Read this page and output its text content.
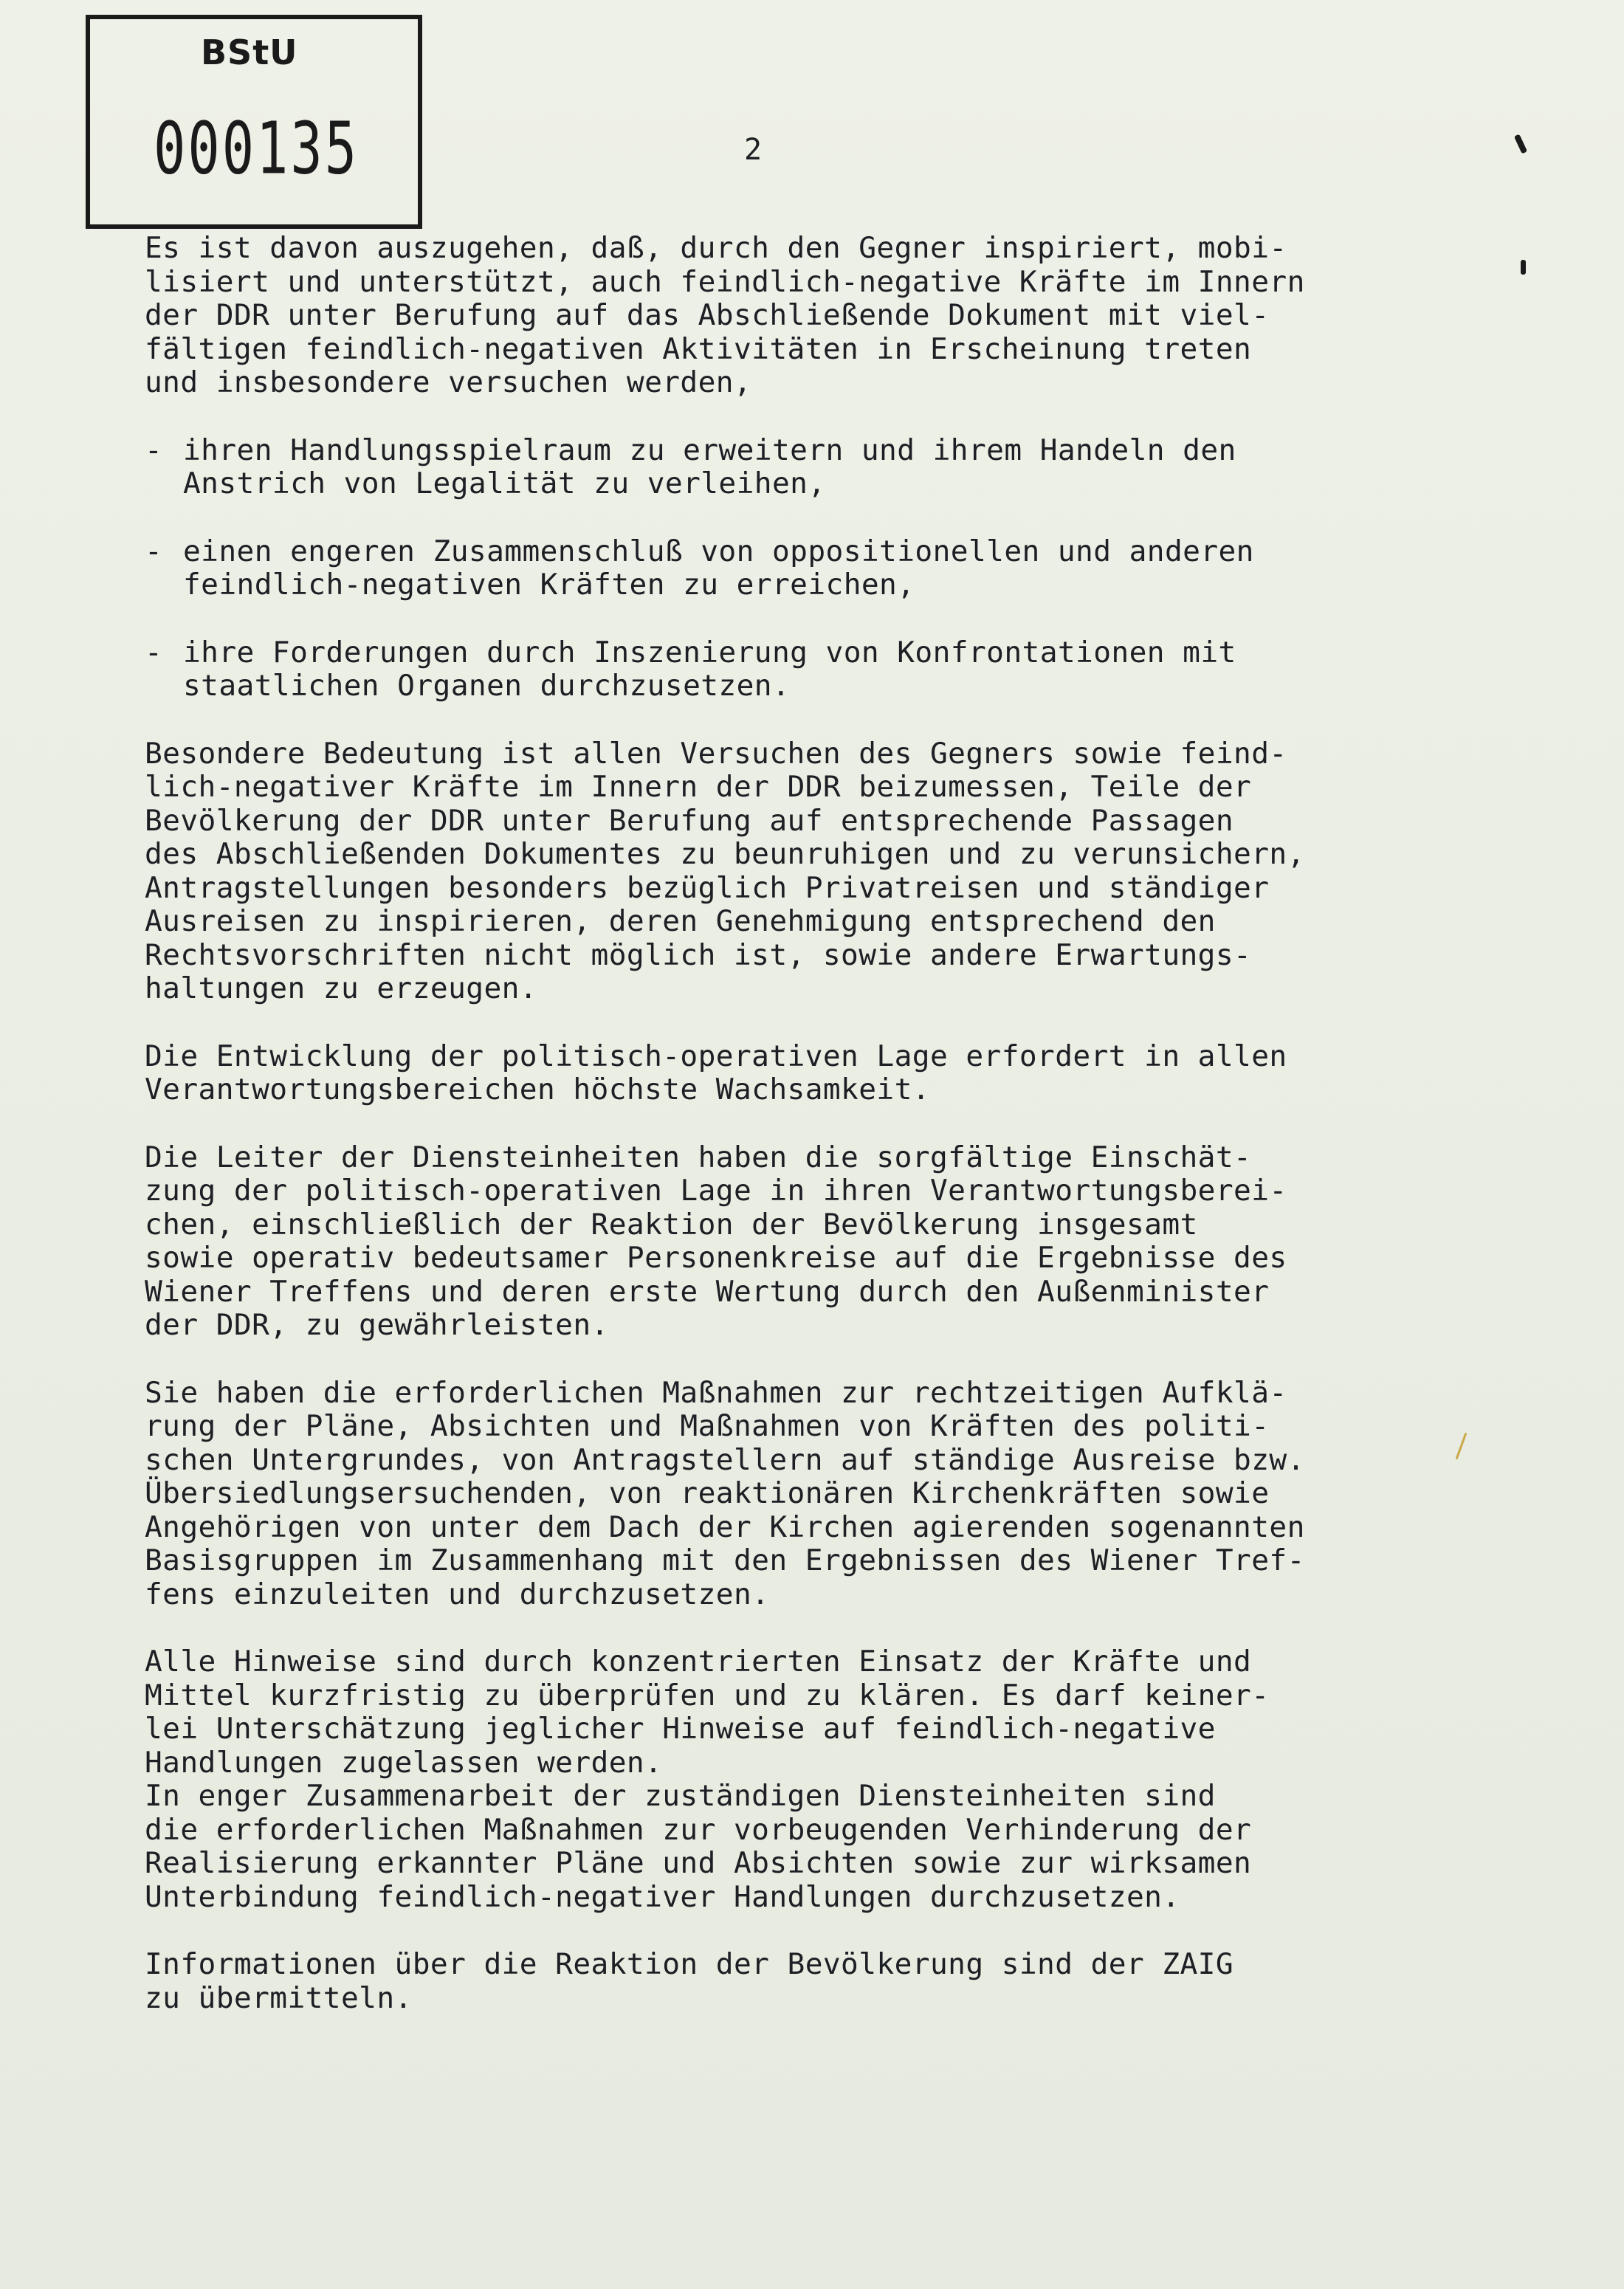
BStU
000135	2

Es ist davon auszugehen, daß, durch den Gegner inspiriert, mobi-
lisiert und unterstützt, auch feindlich-negative Kräfte im Innern
der DDR unter Berufung auf das Abschließende Dokument mit viel-
fältigen feindlich-negativen Aktivitäten in Erscheinung treten
und insbesondere versuchen werden,

- ihren Handlungsspielraum zu erweitern und ihrem Handeln den
Anstrich von Legalität zu verleihen,
- einen engeren Zusammenschluß von oppositionellen und anderen
feindlich-negativen Kräften zu erreichen,
- ihre Forderungen durch Inszenierung von Konfrontationen mit
staatlichen Organen durchzusetzen.

Besondere Bedeutung ist allen Versuchen des Gegners sowie feind-
lich-negativer Kräfte im Innern der DDR beizumessen, Teile der
Bevölkerung der DDR unter Berufung auf entsprechende Passagen
des Abschließenden Dokumentes zu beunruhigen und zu verunsichern,
Antragstellungen besonders bezüglich Privatreisen und ständiger
Ausreisen zu inspirieren, deren Genehmigung entsprechend den
Rechtsvorschriften nicht möglich ist, sowie andere Erwartungs-
haltungen zu erzeugen.

Die Entwicklung der politisch-operativen Lage erfordert in allen
Verantwortungsbereichen höchste Wachsamkeit.

Die Leiter der Diensteinheiten haben die sorgfältige Einschät-
zung der politisch-operativen Lage in ihren Verantwortungsberei-
chen, einschließlich der Reaktion der Bevölkerung insgesamt
sowie operativ bedeutsamer Personenkreise auf die Ergebnisse des
Wiener Treffens und deren erste Wertung durch den Außenminister
der DDR, zu gewährleisten.

Sie haben die erforderlichen Maßnahmen zur rechtzeitigen Aufklä-
rung der Pläne, Absichten und Maßnahmen von Kräften des politi-
schen Untergrundes, von Antragstellern auf ständige Ausreise bzw.
Übersiedlungsersuchenden, von reaktionären Kirchenkräften sowie
Angehörigen von unter dem Dach der Kirchen agierenden sogenannten
Basisgruppen im Zusammenhang mit den Ergebnissen des Wiener Tref-
fens einzuleiten und durchzusetzen.

Alle Hinweise sind durch konzentrierten Einsatz der Kräfte und
Mittel kurzfristig zu überprüfen und zu klären. Es darf keiner-
lei Unterschätzung jeglicher Hinweise auf feindlich-negative
Handlungen zugelassen werden.

In enger Zusammenarbeit der zuständigen Diensteinheiten sind
die erforderlichen Maßnahmen zur vorbeugenden Verhinderung der
Realisierung erkannter Pläne und Absichten sowie zur wirksamen
Unterbindung feindlich-negativer Handlungen durchzusetzen.

Informationen über die Reaktion der Bevölkerung sind der ZAIG
zu übermitteln.
